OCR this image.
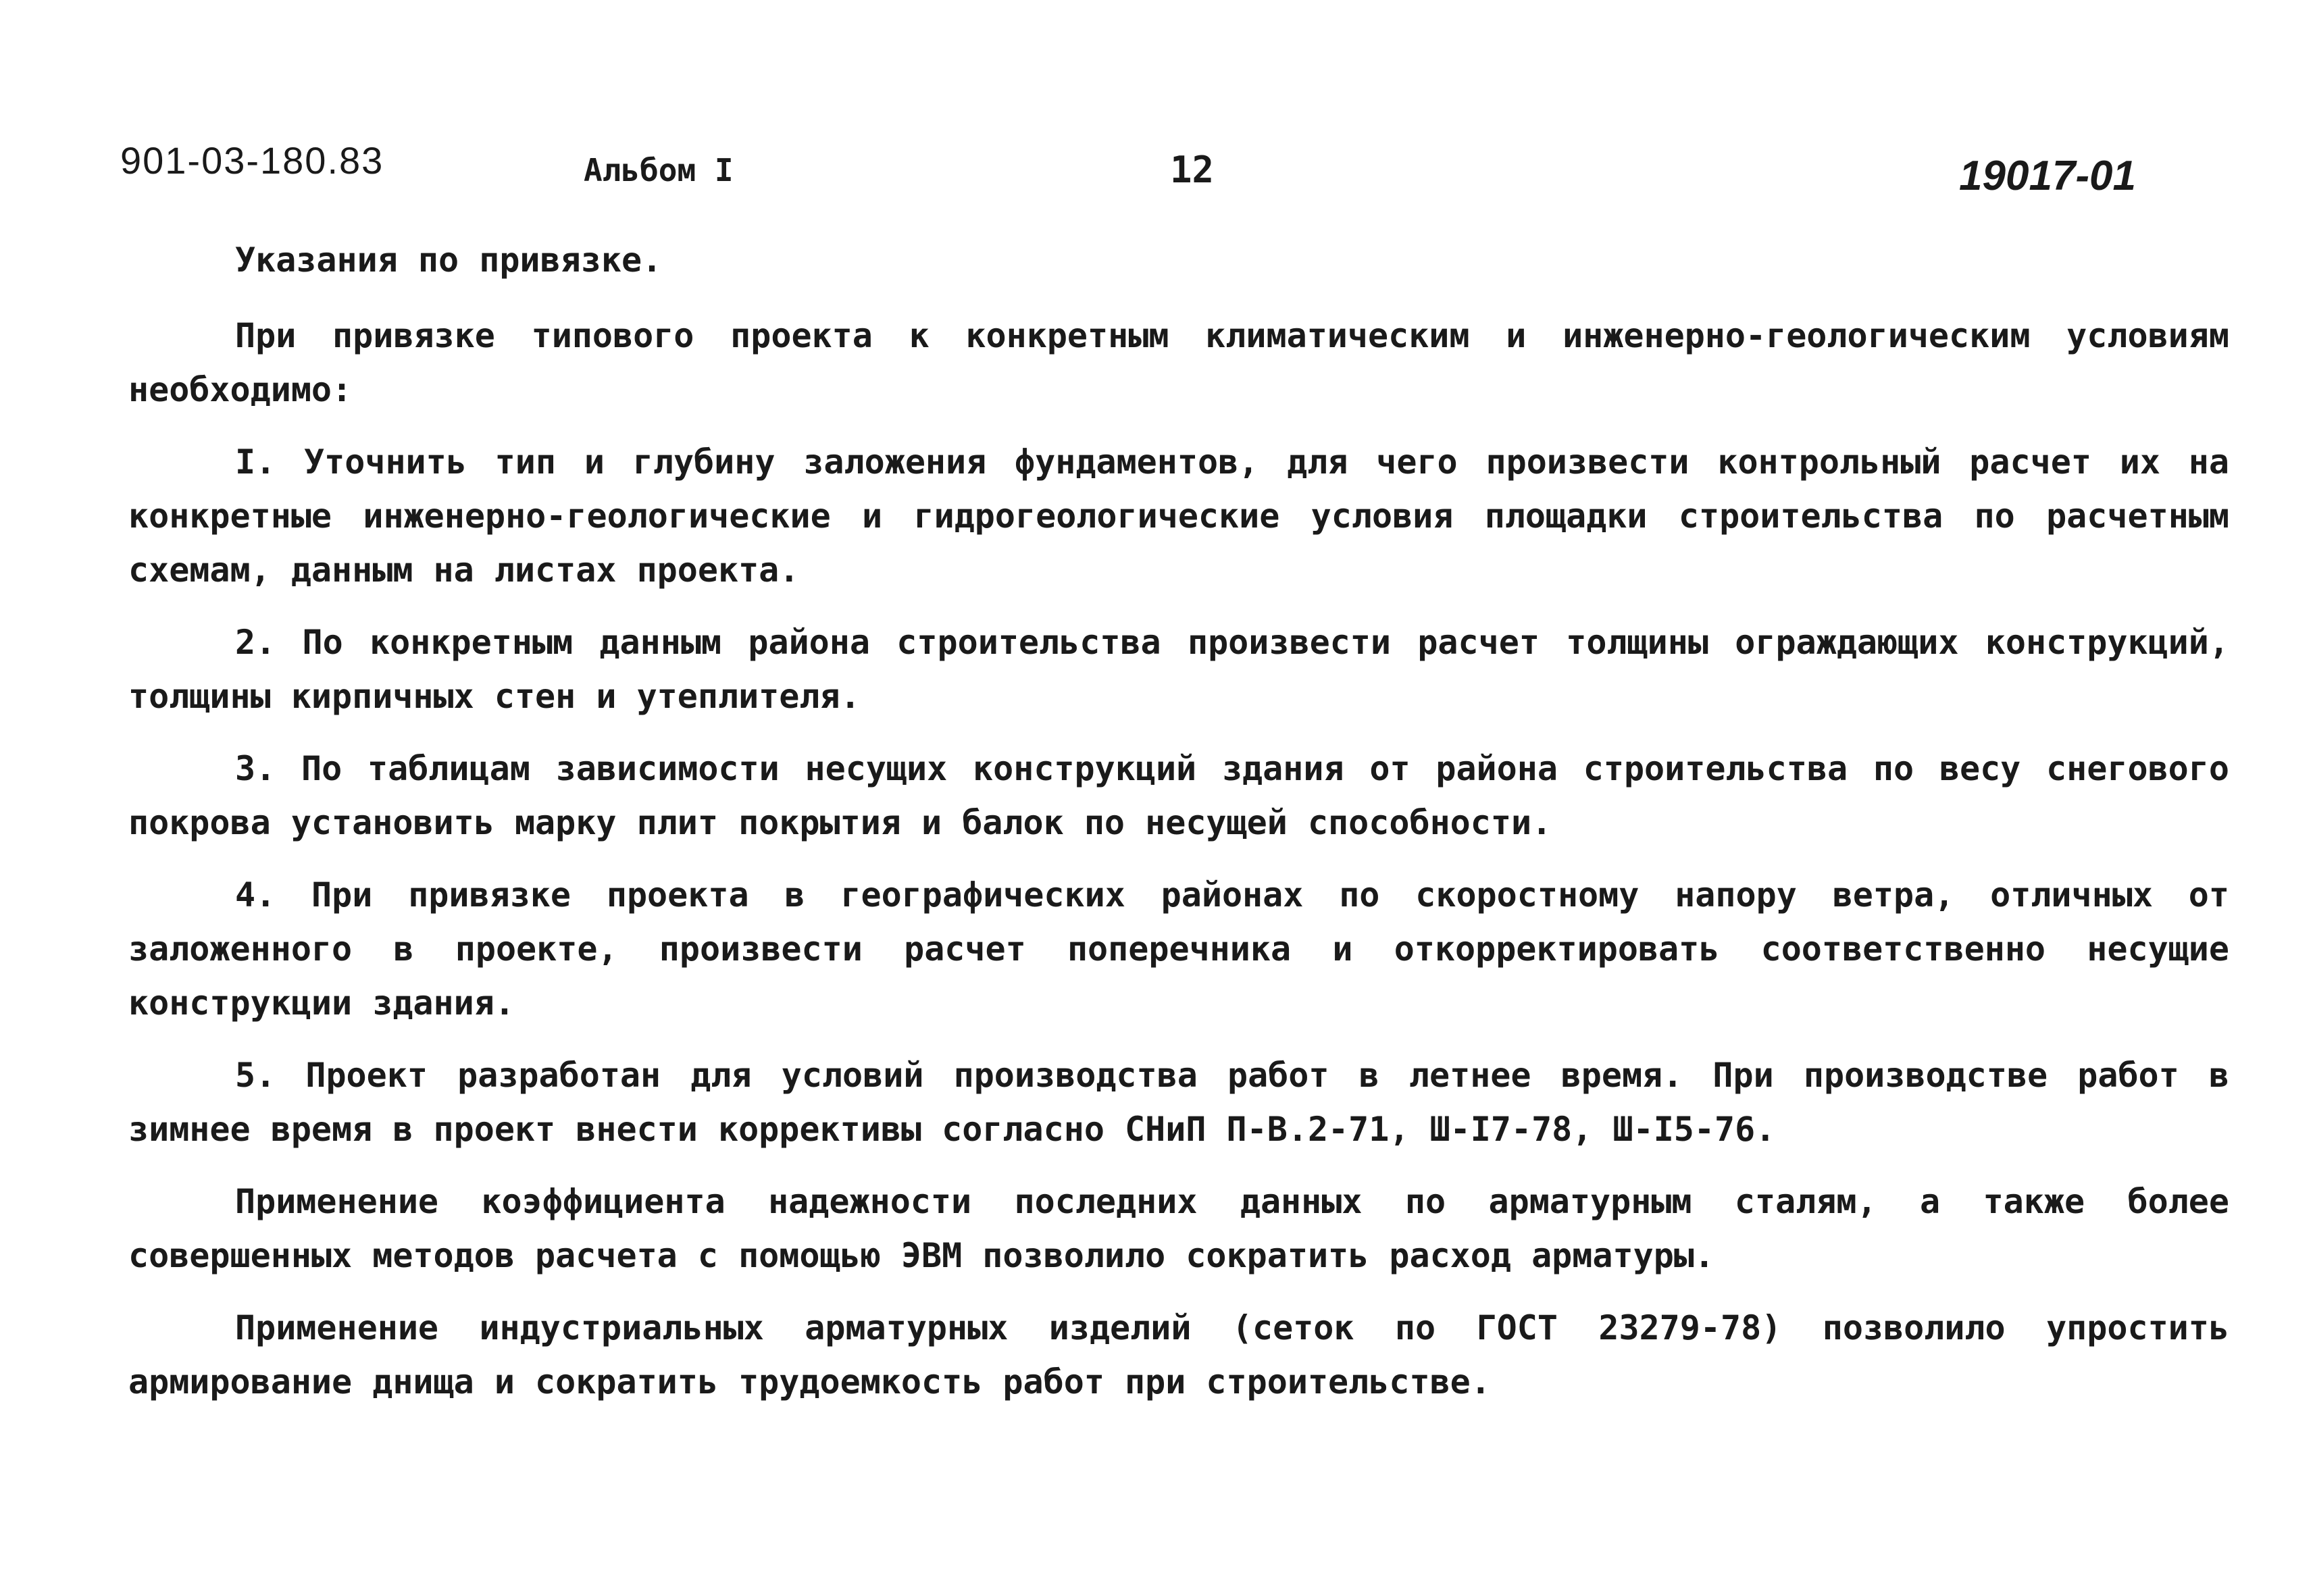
901-03-180.83	Альбом I	12	19017-01

Указания по привязке.

При привязке типового проекта к конкретным климатическим и инженерно-геологическим условиям необходимо:

I. Уточнить тип и глубину заложения фундаментов, для чего произвести контрольный расчет их на конкретные инженерно-геологические и гидрогеологические условия площадки строительства по расчетным схемам, данным на листах проекта.

2. По конкретным данным района строительства произвести расчет толщины ограждающих конструкций, толщины кирпичных стен и утеплителя.

3. По таблицам зависимости несущих конструкций здания от района строительства по весу снегового покрова установить марку плит покрытия и балок по несущей способности.

4. При привязке проекта в географических районах по скоростному напору ветра, отличных от заложенного в проекте, произвести расчет поперечника и откорректировать соответственно несущие конструкции здания.

5. Проект разработан для условий производства работ в летнее время. При производстве работ в зимнее время в проект внести коррективы согласно СНиП П-В.2-71, Ш-I7-78, Ш-I5-76.

Применение коэффициента надежности последних данных по арматурным сталям, а также более совершенных методов расчета с помощью ЭВМ позволило сократить расход арматуры.

Применение индустриальных арматурных изделий (сеток по ГОСТ 23279-78) позволило упростить армирование днища и сократить трудоемкость работ при строительстве.
